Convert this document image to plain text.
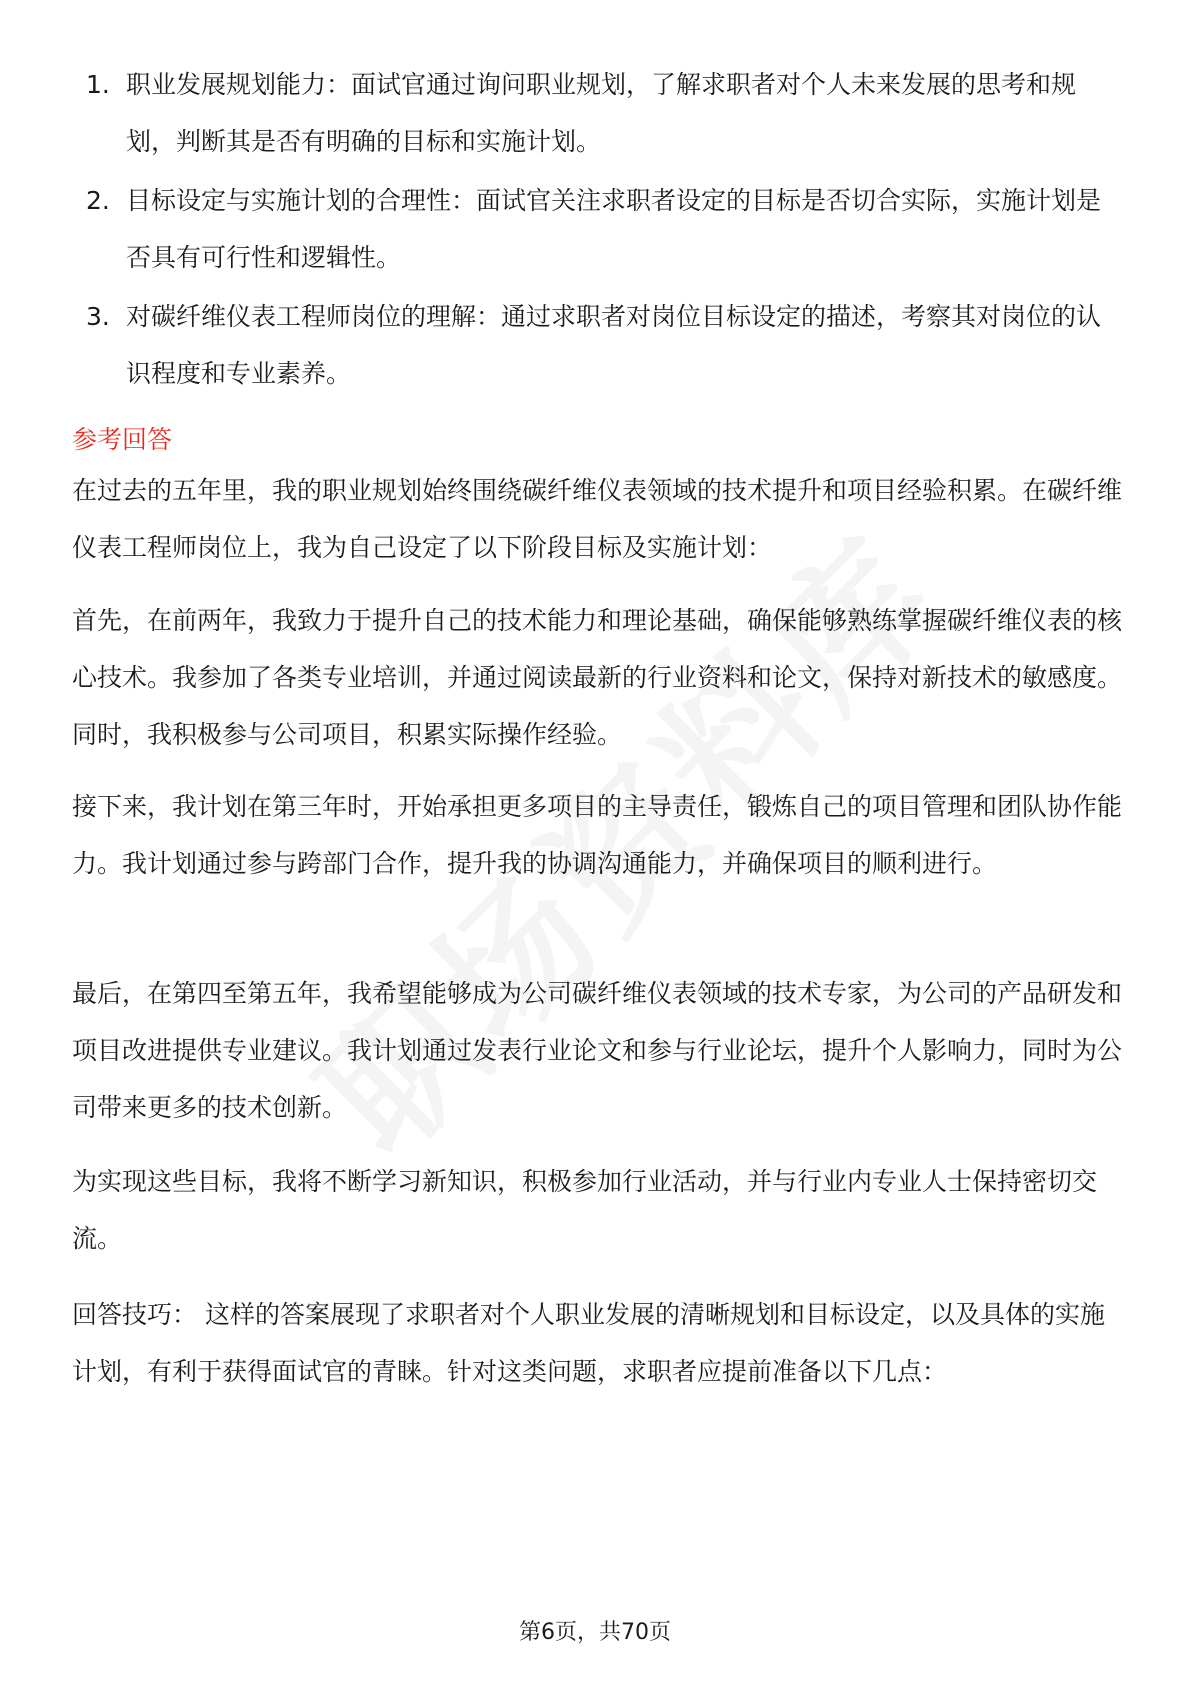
1. 职业发展规划能力：面试官通过询问职业规划，了解求职者对个人未来发展的思考和规划，判断其是否有明确的目标和实施计划。
2. 目标设定与实施计划的合理性：面试官关注求职者设定的目标是否切合实际，实施计划是否具有可行性和逻辑性。
3. 对碳纤维仪表工程师岗位的理解：通过求职者对岗位目标设定的描述，考察其对岗位的认识程度和专业素养。
参考回答

在过去的五年里，我的职业规划始终围绕碳纤维仪表领域的技术提升和项目经验积累。在碳纤维仪表工程师岗位上，我为自己设定了以下阶段目标及实施计划：

首先，在前两年，我致力于提升自己的技术能力和理论基础，确保能够熟练掌握碳纤维仪表的核心技术。我参加了各类专业培训，并通过阅读最新的行业资料和论文，保持对新技术的敏感度。同时，我积极参与公司项目，积累实际操作经验。

接下来，我计划在第三年时，开始承担更多项目的主导责任，锻炼自己的项目管理和团队协作能力。我计划通过参与跨部门合作，提升我的协调沟通能力，并确保项目的顺利进行。

最后，在第四至第五年，我希望能够成为公司碳纤维仪表领域的技术专家，为公司的产品研发和项目改进提供专业建议。我计划通过发表行业论文和参与行业论坛，提升个人影响力，同时为公司带来更多的技术创新。

为实现这些目标，我将不断学习新知识，积极参加行业活动，并与行业内专业人士保持密切交流。

回答技巧： 这样的答案展现了求职者对个人职业发展的清晰规划和目标设定，以及具体的实施计划，有利于获得面试官的青睐。针对这类问题，求职者应提前准备以下几点：

第6页，共70页
